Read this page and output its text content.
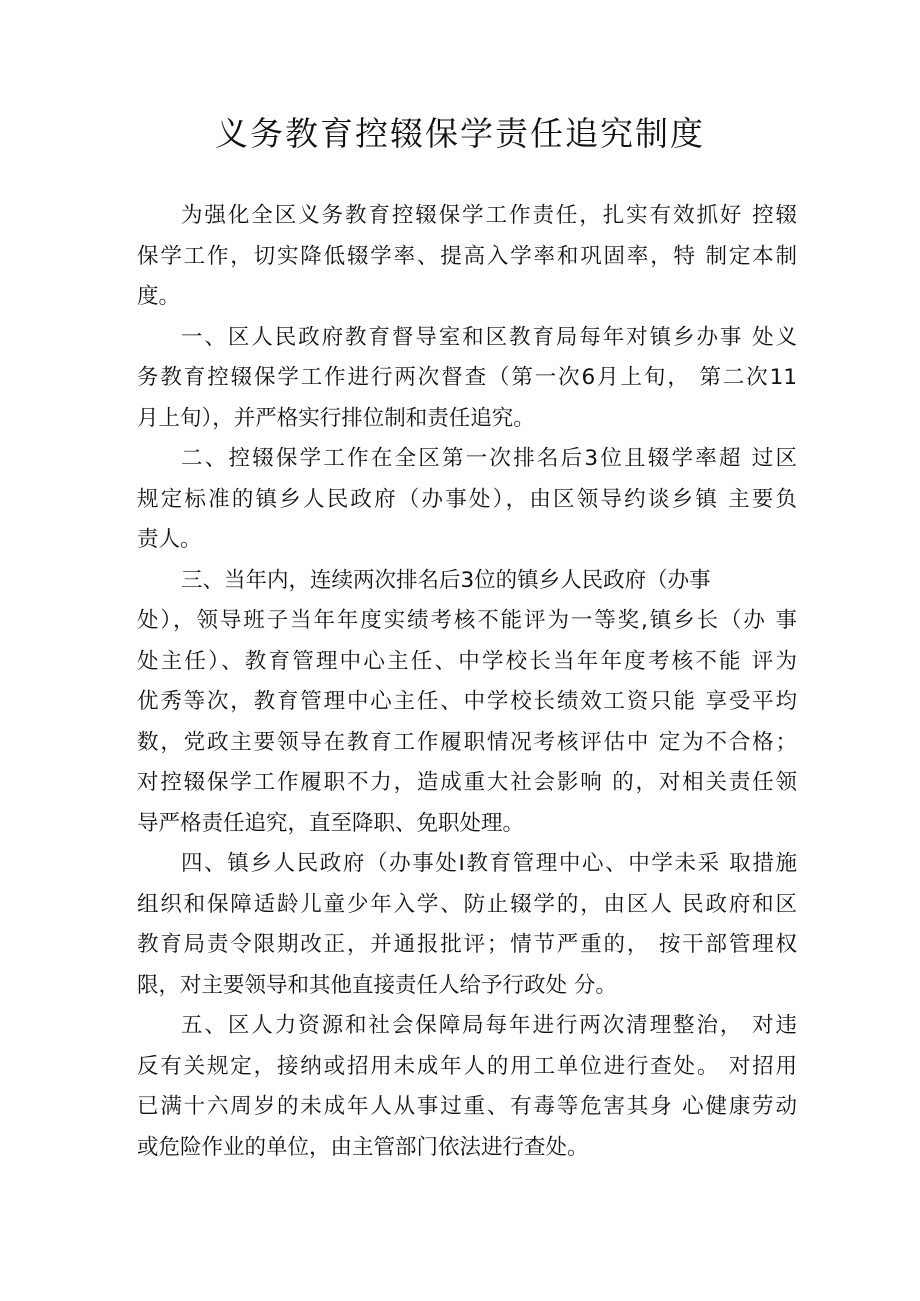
义务教育控辍保学责任追究制度

为强化全区义务教育控辍保学工作责任，扎实有效抓好 控辍
保学工作，切实降低辍学率、提高入学率和巩固率，特 制定本制
度。

一、区人民政府教育督导室和区教育局每年对镇乡办事 处义
务教育控辍保学工作进行两次督查（第一次6月上旬， 第二次11
月上旬），并严格实行排位制和责任追究。

二、控辍保学工作在全区第一次排名后3位且辍学率超 过区
规定标准的镇乡人民政府（办事处），由区领导约谈乡镇 主要负
责人。

三、当年内，连续两次排名后3位的镇乡人民政府（办事
处），领导班子当年年度实绩考核不能评为一等奖,镇乡长（办 事
处主任）、教育管理中心主任、中学校长当年年度考核不能 评为
优秀等次，教育管理中心主任、中学校长绩效工资只能 享受平均
数，党政主要领导在教育工作履职情况考核评估中 定为不合格；
对控辍保学工作履职不力，造成重大社会影响 的，对相关责任领
导严格责任追究，直至降职、免职处理。

四、镇乡人民政府（办事处Ⅰ教育管理中心、中学未采 取措施
组织和保障适龄儿童少年入学、防止辍学的，由区人 民政府和区
教育局责令限期改正，并通报批评；情节严重的， 按干部管理权
限，对主要领导和其他直接责任人给予行政处 分。

五、区人力资源和社会保障局每年进行两次清理整治， 对违
反有关规定，接纳或招用未成年人的用工单位进行查处。 对招用
已满十六周岁的未成年人从事过重、有毒等危害其身 心健康劳动
或危险作业的单位，由主管部门依法进行查处。
